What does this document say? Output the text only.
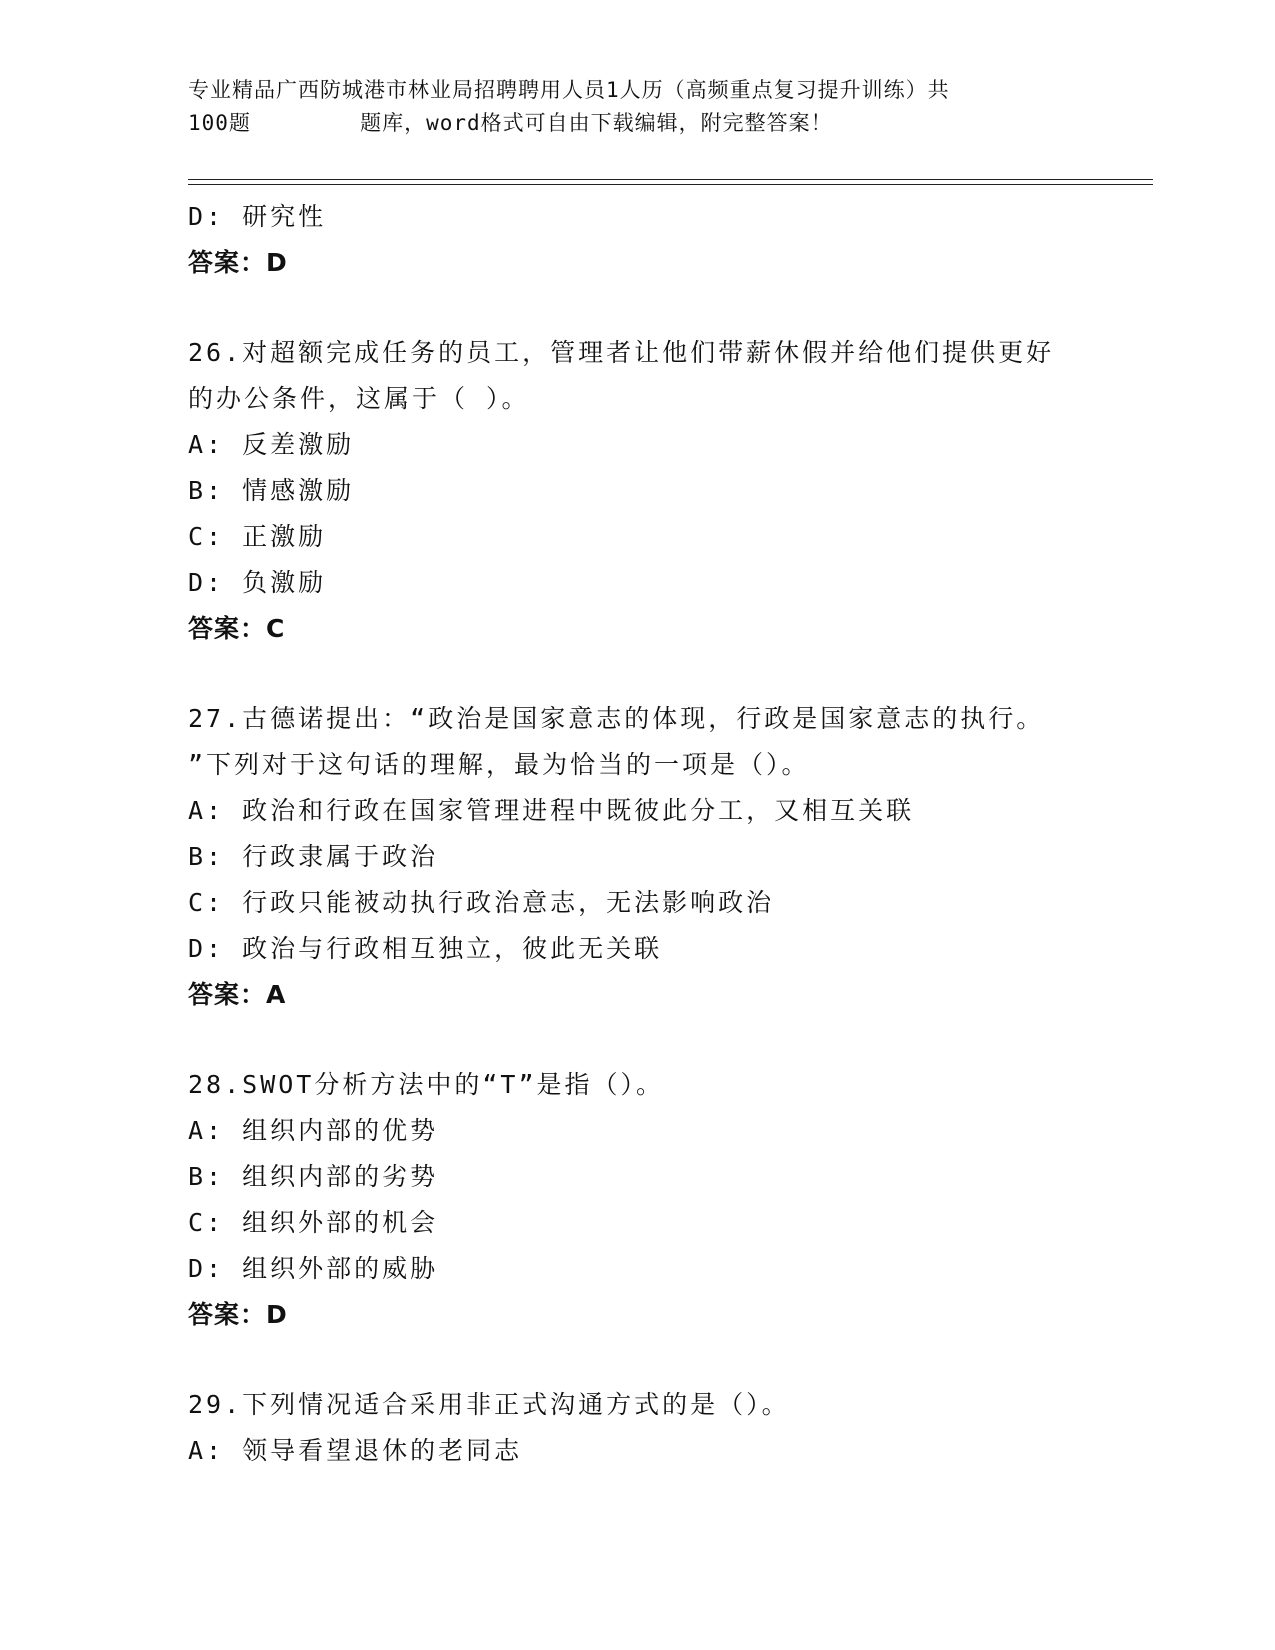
专业精品广西防城港市林业局招聘聘用人员1人历（高频重点复习提升训练）共
100题        题库，word格式可自由下载编辑，附完整答案！
D: 研究性
答案：D
26.对超额完成任务的员工，管理者让他们带薪休假并给他们提供更好
的办公条件，这属于（ ）。
A: 反差激励
B: 情感激励
C: 正激励
D: 负激励
答案：C
27.古德诺提出：“政治是国家意志的体现，行政是国家意志的执行。
”下列对于这句话的理解，最为恰当的一项是（）。
A: 政治和行政在国家管理进程中既彼此分工，又相互关联
B: 行政隶属于政治
C: 行政只能被动执行政治意志，无法影响政治
D: 政治与行政相互独立，彼此无关联
答案：A
28.SWOT分析方法中的“T”是指（）。
A: 组织内部的优势
B: 组织内部的劣势
C: 组织外部的机会
D: 组织外部的威胁
答案：D
29.下列情况适合采用非正式沟通方式的是（）。
A: 领导看望退休的老同志
